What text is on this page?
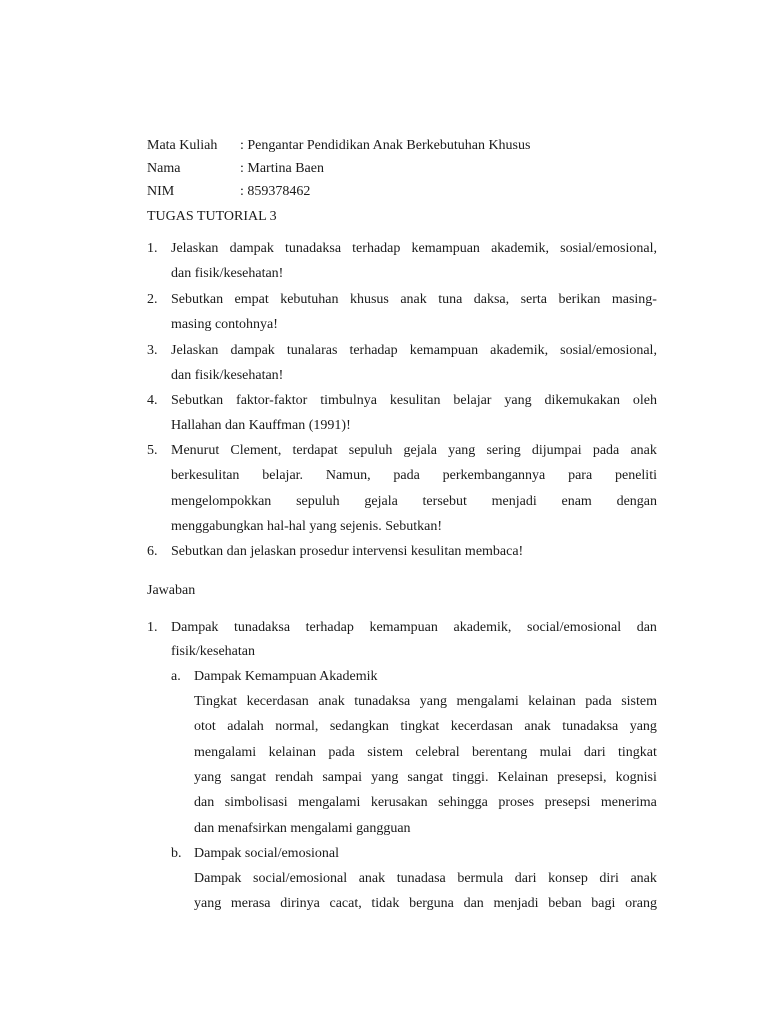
Mata Kuliah : Pengantar Pendidikan Anak Berkebutuhan Khusus
Nama	: Martina Baen
NIM	: 859378462
TUGAS TUTORIAL 3
1. Jelaskan dampak tunadaksa terhadap kemampuan akademik, sosial/emosional,
dan fisik/kesehatan!
2. Sebutkan empat kebutuhan khusus anak tuna daksa, serta berikan masing-
masing contohnya!
3. Jelaskan dampak tunalaras terhadap kemampuan akademik, sosial/emosional,
dan fisik/kesehatan!
4. Sebutkan faktor-faktor timbulnya kesulitan belajar yang dikemukakan oleh
Hallahan dan Kauffman (1991)!
5. Menurut Clement, terdapat sepuluh gejala yang sering dijumpai pada anak
berkesulitan belajar. Namun, pada perkembangannya para peneliti
mengelompokkan sepuluh gejala tersebut menjadi enam dengan
menggabungkan hal-hal yang sejenis. Sebutkan!
6. Sebutkan dan jelaskan prosedur intervensi kesulitan membaca!
Jawaban
1. Dampak tunadaksa terhadap kemampuan akademik, social/emosional dan
fisik/kesehatan
a. Dampak Kemampuan Akademik
Tingkat kecerdasan anak tunadaksa yang mengalami kelainan pada sistem
otot adalah normal, sedangkan tingkat kecerdasan anak tunadaksa yang
mengalami kelainan pada sistem celebral berentang mulai dari tingkat
yang sangat rendah sampai yang sangat tinggi. Kelainan presepsi, kognisi
dan simbolisasi mengalami kerusakan sehingga proses presepsi menerima
dan menafsirkan mengalami gangguan
b. Dampak social/emosional
Dampak social/emosional anak tunadasa bermula dari konsep diri anak
yang merasa dirinya cacat, tidak berguna dan menjadi beban bagi orang
